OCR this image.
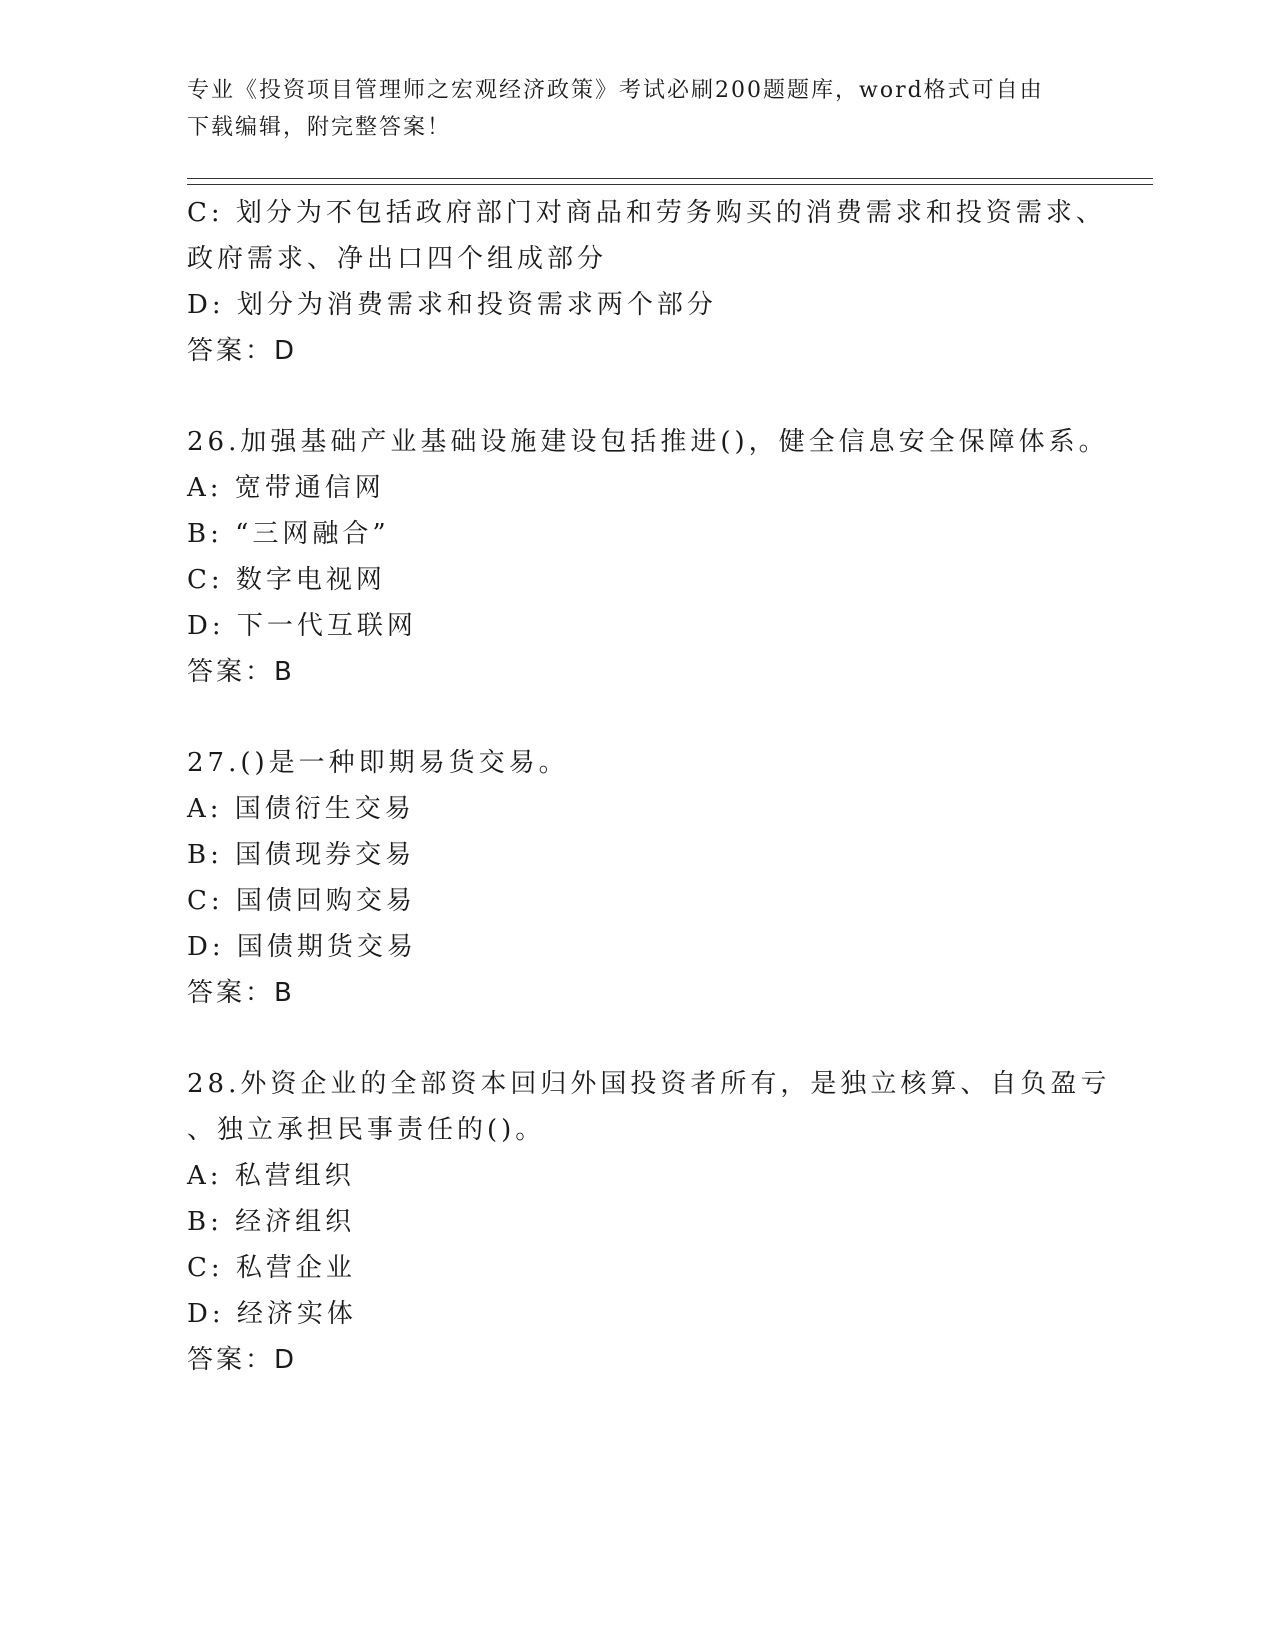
专业《投资项目管理师之宏观经济政策》考试必刷200题题库，word格式可自由
下载编辑，附完整答案！
C: 划分为不包括政府部门对商品和劳务购买的消费需求和投资需求、
政府需求、净出口四个组成部分
D: 划分为消费需求和投资需求两个部分
答案：D
26.加强基础产业基础设施建设包括推进()，健全信息安全保障体系。
A: 宽带通信网
B: “三网融合”
C: 数字电视网
D: 下一代互联网
答案：B
27.()是一种即期易货交易。
A: 国债衍生交易
B: 国债现券交易
C: 国债回购交易
D: 国债期货交易
答案：B
28.外资企业的全部资本回归外国投资者所有，是独立核算、自负盈亏
、独立承担民事责任的()。
A: 私营组织
B: 经济组织
C: 私营企业
D: 经济实体
答案：D
